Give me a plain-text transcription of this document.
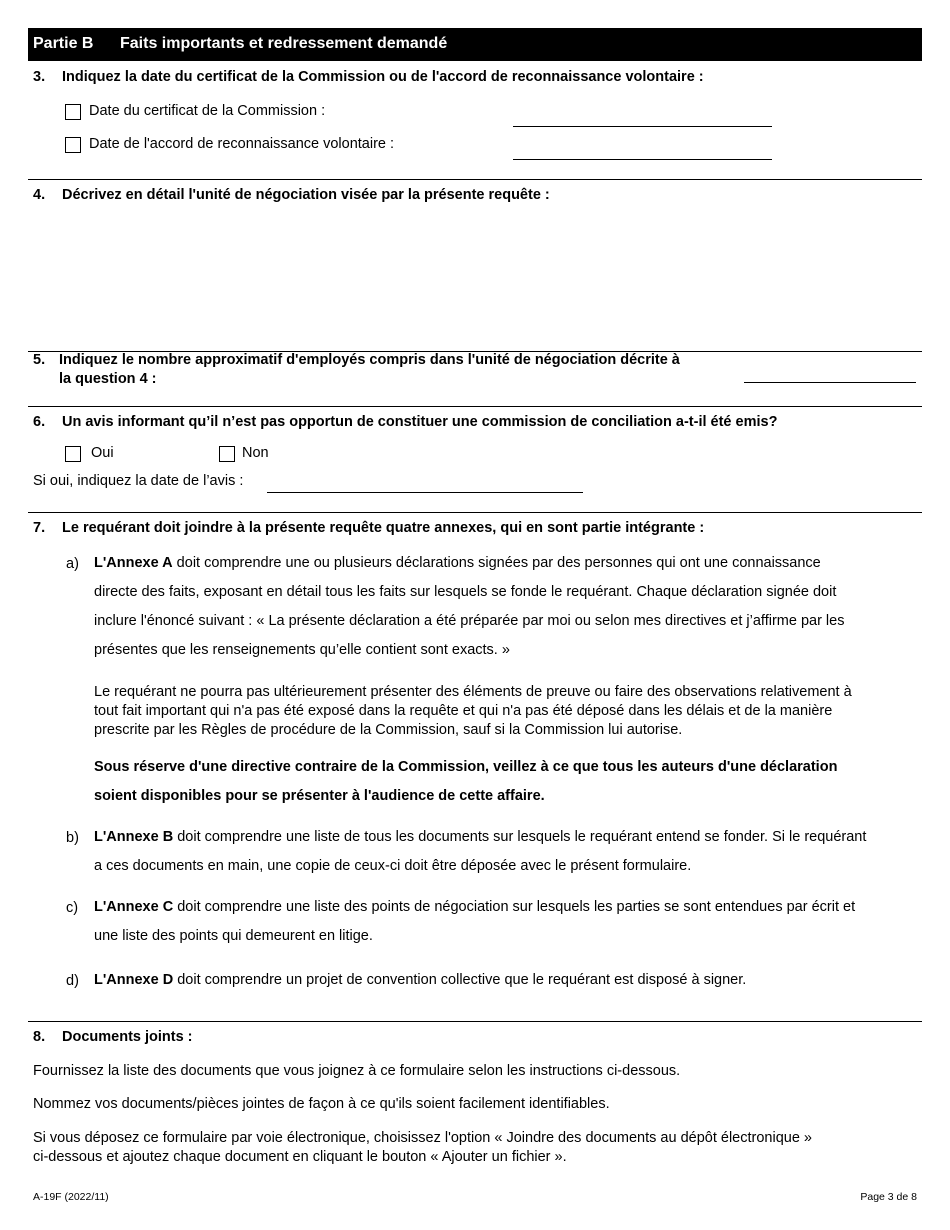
Partie B Faits importants et redressement demandé
3. Indiquez la date du certificat de la Commission ou de l'accord de reconnaissance volontaire :
Date du certificat de la Commission :
Date de l'accord de reconnaissance volontaire :
4. Décrivez en détail l'unité de négociation visée par la présente requête :
5. Indiquez le nombre approximatif d'employés compris dans l'unité de négociation décrite à
la question 4 :
6. Un avis informant qu’il n’est pas opportun de constituer une commission de conciliation a-t-il été emis?
Oui	Non
Si oui, indiquez la date de l’avis :
7. Le requérant doit joindre à la présente requête quatre annexes, qui en sont partie intégrante :
a) L'Annexe A doit comprendre une ou plusieurs déclarations signées par des personnes qui ont une connaissance
directe des faits, exposant en détail tous les faits sur lesquels se fonde le requérant. Chaque déclaration signée doit
inclure l'énoncé suivant : « La présente déclaration a été préparée par moi ou selon mes directives et j’affirme par les
présentes que les renseignements qu’elle contient sont exacts. »
Le requérant ne pourra pas ultérieurement présenter des éléments de preuve ou faire des observations relativement à
tout fait important qui n'a pas été exposé dans la requête et qui n'a pas été déposé dans les délais et de la manière
prescrite par les Règles de procédure de la Commission, sauf si la Commission lui autorise.
Sous réserve d'une directive contraire de la Commission, veillez à ce que tous les auteurs d'une déclaration
soient disponibles pour se présenter à l'audience de cette affaire.
b) L'Annexe B doit comprendre une liste de tous les documents sur lesquels le requérant entend se fonder. Si le requérant
a ces documents en main, une copie de ceux-ci doit être déposée avec le présent formulaire.
c) L'Annexe C doit comprendre une liste des points de négociation sur lesquels les parties se sont entendues par écrit et
une liste des points qui demeurent en litige.
d) L'Annexe D doit comprendre un projet de convention collective que le requérant est disposé à signer.
8. Documents joints :
Fournissez la liste des documents que vous joignez à ce formulaire selon les instructions ci-dessous.
Nommez vos documents/pièces jointes de façon à ce qu'ils soient facilement identifiables.
Si vous déposez ce formulaire par voie électronique, choisissez l'option « Joindre des documents au dépôt électronique »
ci-dessous et ajoutez chaque document en cliquant le bouton « Ajouter un fichier ».
A-19F (2022/11)	Page 3 de 8
